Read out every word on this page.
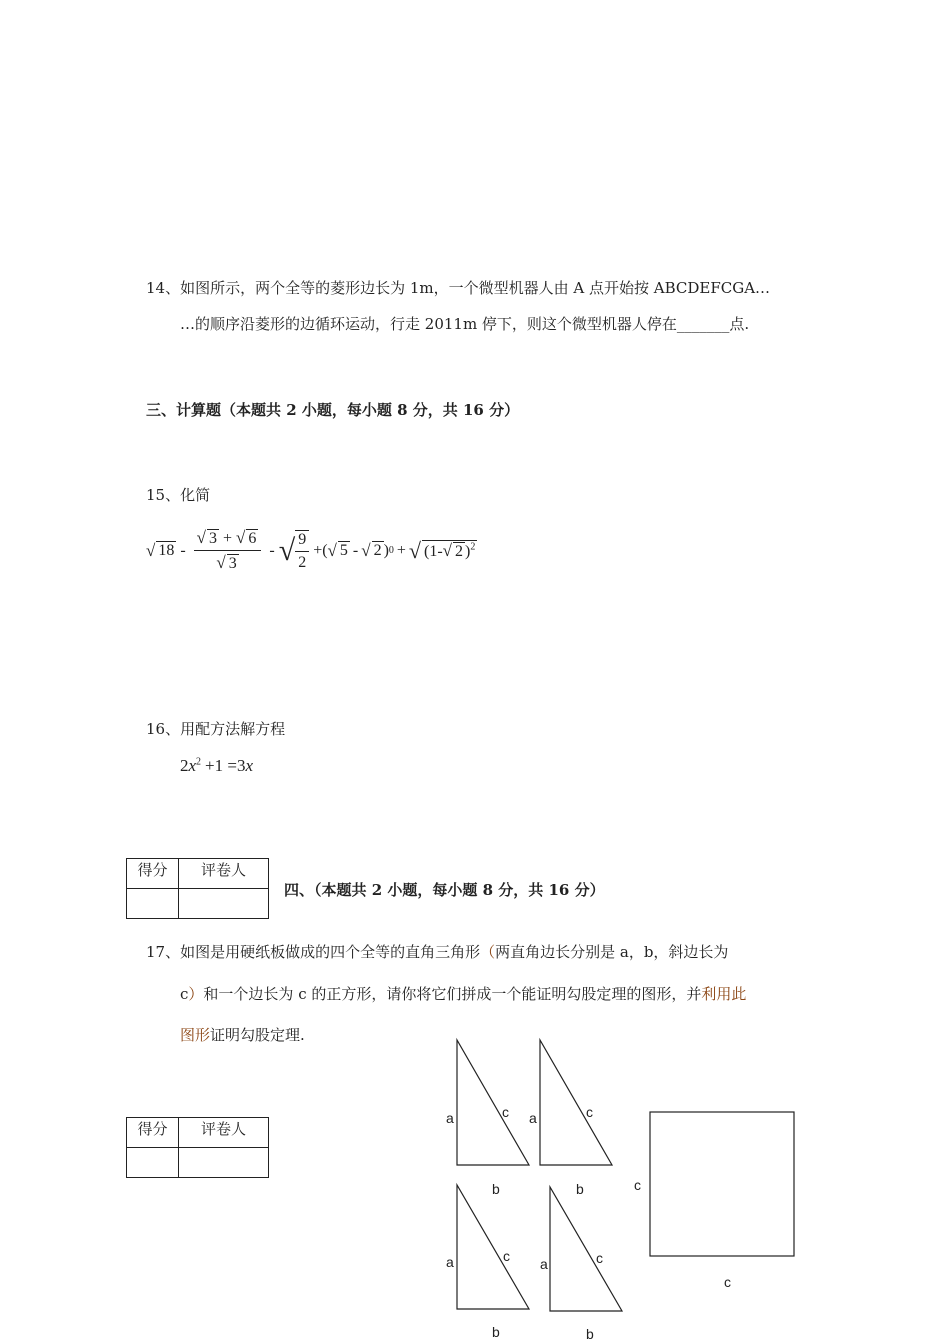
14、如图所示，两个全等的菱形边长为 1m，一个微型机器人由 A 点开始按 ABCDEFCGA…
…的顺序沿菱形的边循环运动，行走 2011m 停下，则这个微型机器人停在_______点.
三、计算题（本题共 2 小题，每小题 8 分，共 16 分）
15、化简
√ $18 - \frac{√ 3 + √ 6}{√ 3}$ - √ $\frac{9}{2}$ +( √ 5 - √ 2 ) 0 + √ (1-√ 2 )$^2$
16、用配方法解方程
$2x^2 +1 =3x$
得分	评卷人

四、（本题共 2 小题，每小题 8 分，共 16 分）
17、如图是用硬纸板做成的四个全等的直角三角形（两直角边长分别是 a，b，斜边长为
c）和一个边长为 c 的正方形，请你将它们拼成一个能证明勾股定理的图形，并利用此
图形证明勾股定理.
得分	评卷人

a	c
b
a	c
b
a	c
b
a	c
b
c
c
